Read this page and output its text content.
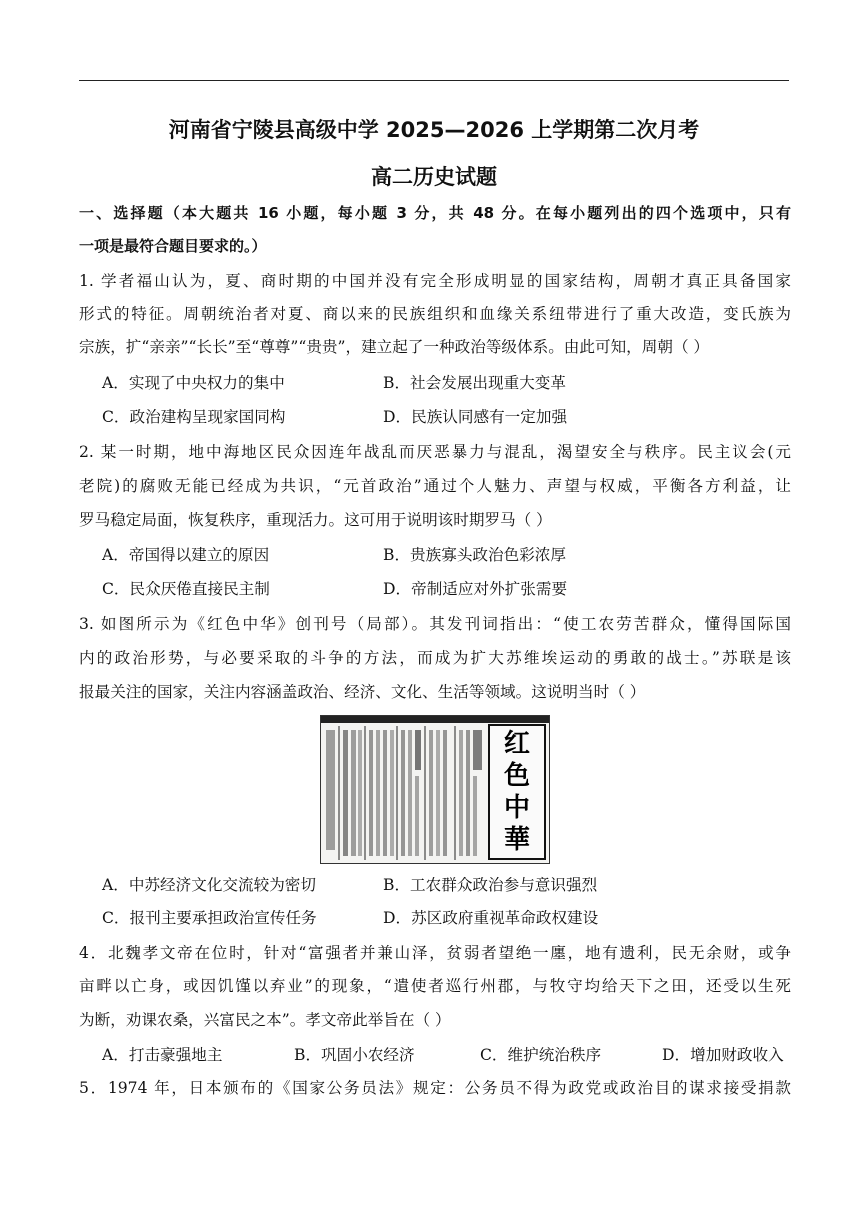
河南省宁陵县高级中学 2025—2026 上学期第二次月考
高二历史试题
一、选择题（本大题共 16 小题，每小题 3 分，共 48 分。在每小题列出的四个选项中，只有
一项是最符合题目要求的。）
1. 学者福山认为，夏、商时期的中国并没有完全形成明显的国家结构，周朝才真正具备国家
形式的特征。周朝统治者对夏、商以来的民族组织和血缘关系纽带进行了重大改造，变氏族为
宗族，扩“亲亲”“长长”至“尊尊”“贵贵”，建立起了一种政治等级体系。由此可知，周朝（ ）
A．实现了中央权力的集中	B．社会发展出现重大变革
C．政治建构呈现家国同构	D．民族认同感有一定加强
2. 某一时期，地中海地区民众因连年战乱而厌恶暴力与混乱，渴望安全与秩序。民主议会(元
老院)的腐败无能已经成为共识，“元首政治”通过个人魅力、声望与权威，平衡各方利益，让
罗马稳定局面，恢复秩序，重现活力。这可用于说明该时期罗马（ ）
A．帝国得以建立的原因	B．贵族寡头政治色彩浓厚
C．民众厌倦直接民主制	D．帝制适应对外扩张需要
3. 如图所示为《红色中华》创刊号（局部）。其发刊词指出：“使工农劳苦群众，懂得国际国
内的政治形势，与必要采取的斗争的方法，而成为扩大苏维埃运动的勇敢的战士。”苏联是该
报最关注的国家，关注内容涵盖政治、经济、文化、生活等领域。这说明当时（ ）
红
色
中
華
A．中苏经济文化交流较为密切	B．工农群众政治参与意识强烈
C．报刊主要承担政治宣传任务	D．苏区政府重视革命政权建设
4．北魏孝文帝在位时，针对“富强者并兼山泽，贫弱者望绝一廛，地有遗利，民无余财，或争
亩畔以亡身，或因饥馑以弃业”的现象，“遣使者巡行州郡，与牧守均给天下之田，还受以生死
为断，劝课农桑，兴富民之本”。孝文帝此举旨在（ ）
A．打击豪强地主	B．巩固小农经济	C．维护统治秩序	D．增加财政收入
5．1974 年，日本颁布的《国家公务员法》规定：公务员不得为政党或政治目的谋求接受捐款
